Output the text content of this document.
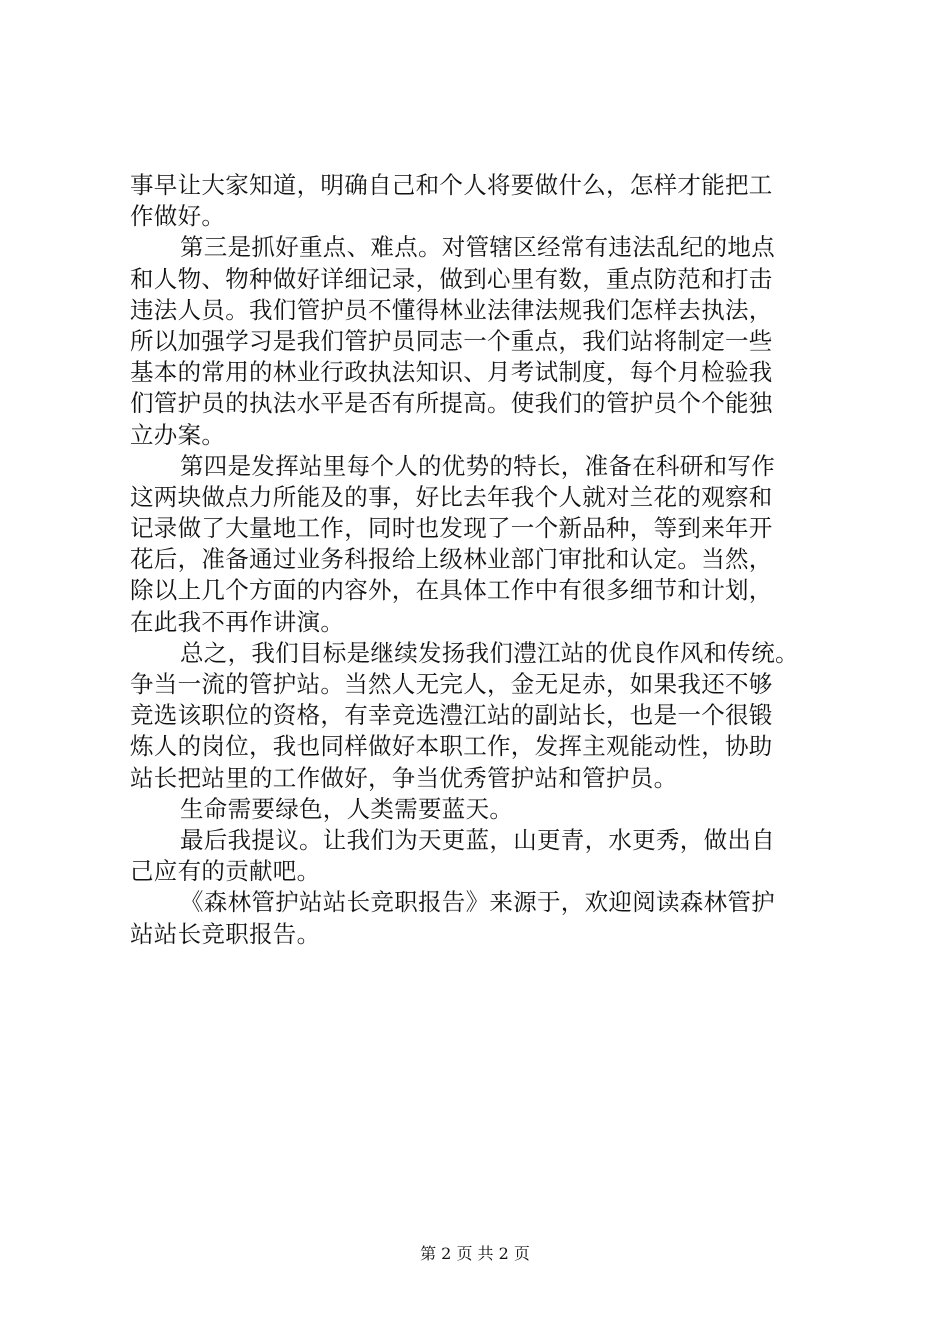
事早让大家知道，明确自己和个人将要做什么，怎样才能把工
作做好。
第三是抓好重点、难点。对管辖区经常有违法乱纪的地点
和人物、物种做好详细记录，做到心里有数，重点防范和打击
违法人员。我们管护员不懂得林业法律法规我们怎样去执法，
所以加强学习是我们管护员同志一个重点，我们站将制定一些
基本的常用的林业行政执法知识、月考试制度，每个月检验我
们管护员的执法水平是否有所提高。使我们的管护员个个能独
立办案。
第四是发挥站里每个人的优势的特长，准备在科研和写作
这两块做点力所能及的事，好比去年我个人就对兰花的观察和
记录做了大量地工作，同时也发现了一个新品种，等到来年开
花后，准备通过业务科报给上级林业部门审批和认定。当然，
除以上几个方面的内容外，在具体工作中有很多细节和计划，
在此我不再作讲演。
总之，我们目标是继续发扬我们澧江站的优良作风和传统。
争当一流的管护站。当然人无完人，金无足赤，如果我还不够
竞选该职位的资格，有幸竞选澧江站的副站长，也是一个很锻
炼人的岗位，我也同样做好本职工作，发挥主观能动性，协助
站长把站里的工作做好，争当优秀管护站和管护员。
生命需要绿色，人类需要蓝天。
最后我提议。让我们为天更蓝，山更青，水更秀，做出自
己应有的贡献吧。
《森林管护站站长竞职报告》来源于，欢迎阅读森林管护
站站长竞职报告。
第 2 页 共 2 页
